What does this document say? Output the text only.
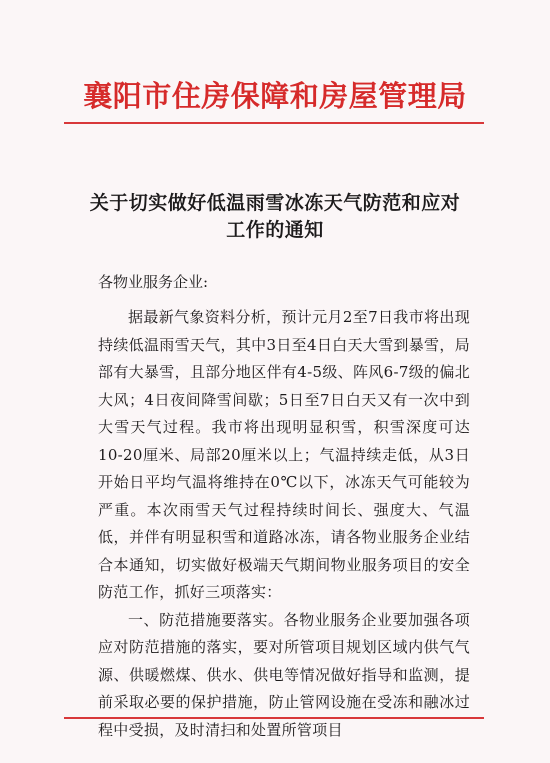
襄阳市住房保障和房屋管理局
关于切实做好低温雨雪冰冻天气防范和应对
工作的通知
各物业服务企业:

据最新气象资料分析，预计元月2至7日我市将出现持续低温雨雪天气，其中3日至4日白天大雪到暴雪，局部有大暴雪，且部分地区伴有4-5级、阵风6-7级的偏北大风；4日夜间降雪间歇；5日至7日白天又有一次中到大雪天气过程。我市将出现明显积雪，积雪深度可达10-20厘米、局部20厘米以上；气温持续走低，从3日开始日平均气温将维持在0℃以下，冰冻天气可能较为严重。本次雨雪天气过程持续时间长、强度大、气温低，并伴有明显积雪和道路冰冻，请各物业服务企业结合本通知，切实做好极端天气期间物业服务项目的安全防范工作，抓好三项落实：

一、防范措施要落实。各物业服务企业要加强各项应对防范措施的落实，要对所管项目规划区域内供气气源、供暖燃煤、供水、供电等情况做好指导和监测，提前采取必要的保护措施，防止管网设施在受冻和融冰过程中受损，及时清扫和处置所管项目
